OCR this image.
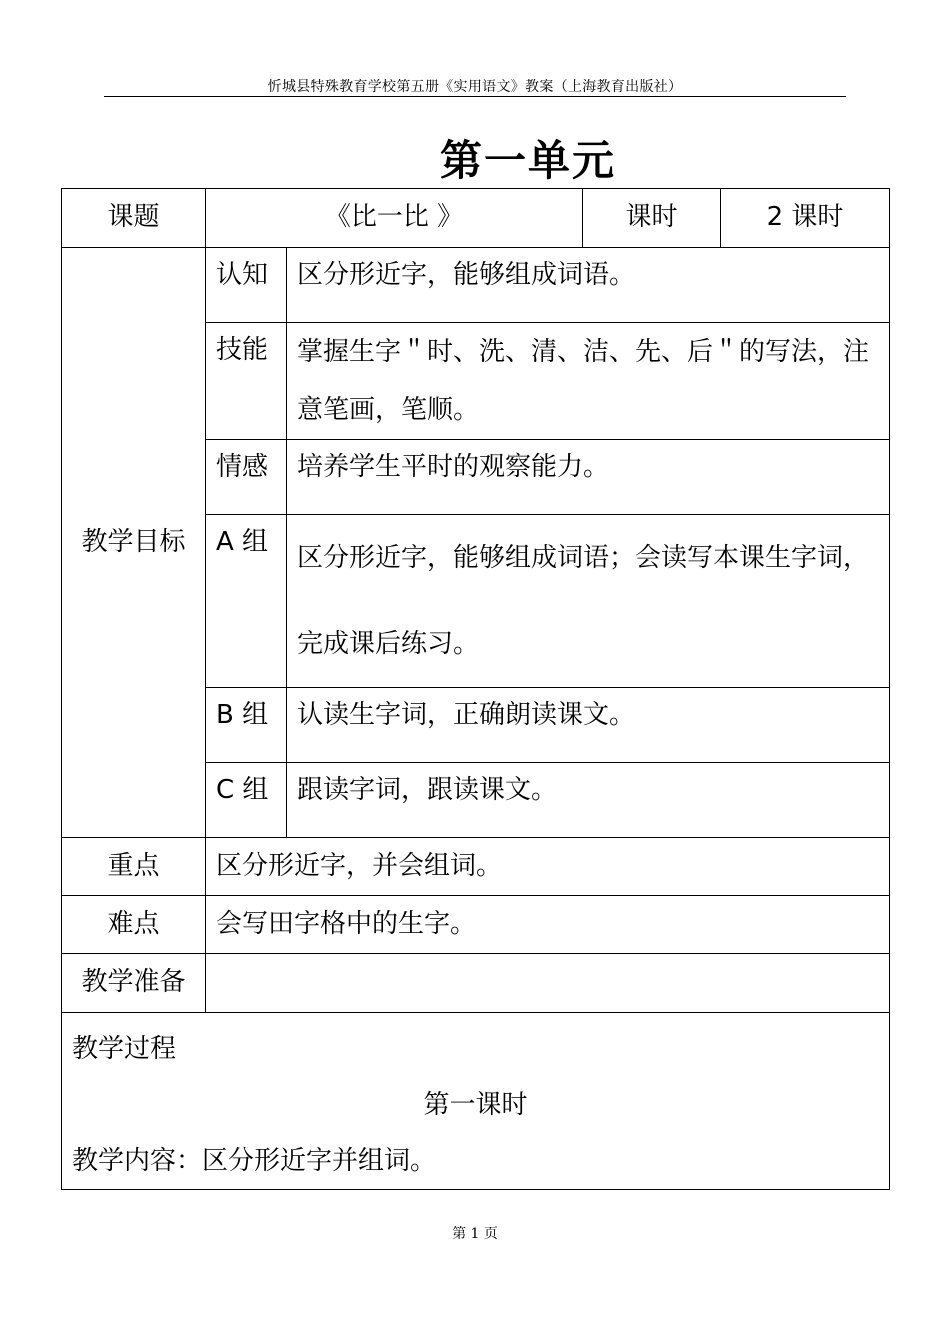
忻城县特殊教育学校第五册《实用语文》教案（上海教育出版社）
第一单元
课题	《比一比 》		课时	2 课时
教学目标	认知	区分形近字，能够组成词语。		
	技能	掌握生字＂时、洗、清、洁、先、后＂的写法，注意笔画，笔顺。		
	情感	培养学生平时的观察能力。		
	A 组	区分形近字，能够组成词语；会读写本课生字词，完成课后练习。		
	B 组	认读生字词，正确朗读课文。		
	C 组	跟读字词，跟读课文。		
重点	区分形近字，并会组词。			
难点	会写田字格中的生字。			
教学准备				

教学过程
第一课时
教学内容：区分形近字并组词。				
第 1 页
